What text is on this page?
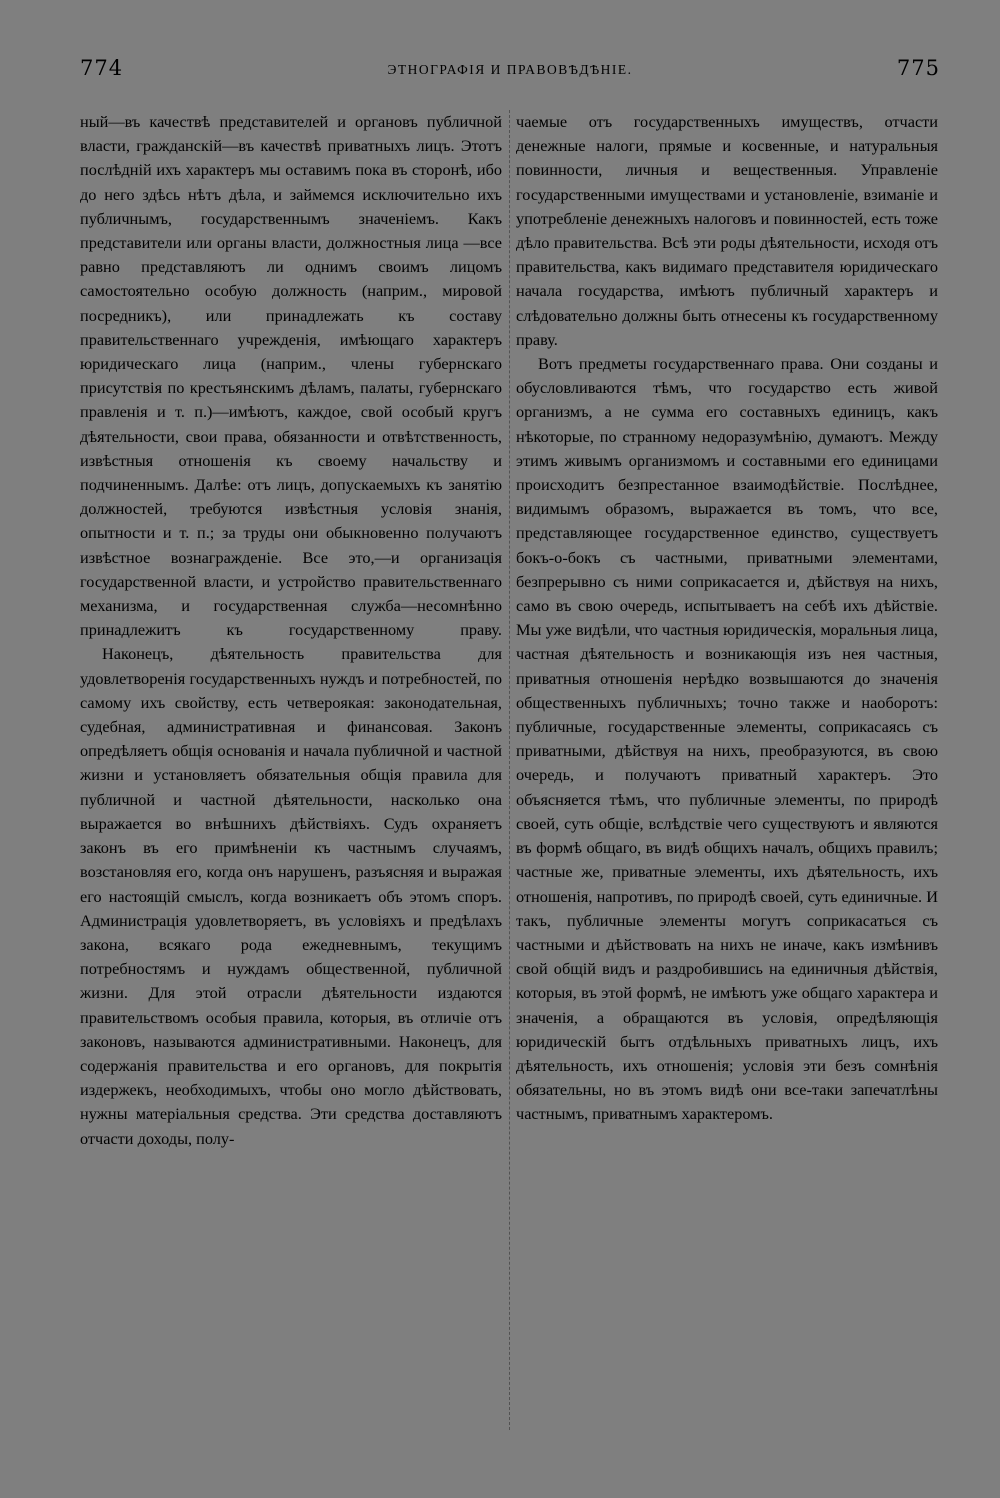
774	ЭТНОГРАФІЯ И ПРАВОВѢДѢНІЕ.	775

ный—въ качествѣ представителей и органовъ публичной власти, гражданскій—въ качествѣ приватныхъ лицъ. Этотъ послѣдній ихъ характеръ мы оставимъ пока въ сторонѣ, ибо до него здѣсь нѣтъ дѣла, и займемся исключительно ихъ публичнымъ, государственнымъ значеніемъ. Какъ представители или органы власти, должностныя лица —все равно представляютъ ли однимъ своимъ лицомъ самостоятельно особую должность (наприм., мировой посредникъ), или принадлежать къ составу правительственнаго учрежденія, имѣющаго характеръ юридическаго лица (наприм., члены губернскаго присутствія по крестьянскимъ дѣламъ, палаты, губернскаго правленія и т. п.)—имѣютъ, каждое, свой особый кругъ дѣятельности, свои права, обязанности и отвѣтственность, извѣстныя отношенія къ своему начальству и подчиненнымъ. Далѣе: отъ лицъ, допускаемыхъ къ занятію должностей, требуются извѣстныя условія знанія, опытности и т. п.; за труды они обыкновенно получаютъ извѣстное вознагражденіе. Все это,—и организація государственной власти, и устройство правительственнаго механизма, и государственная служба—несомнѣнно принадлежитъ къ государственному праву.

Наконецъ, дѣятельность правительства для удовлетворенія государственныхъ нуждъ и потребностей, по самому ихъ свойству, есть четверoякая: законодательная, судебная, административная и финансовая. Законъ опредѣляетъ общія основанія и начала публичной и частной жизни и установляетъ обязательныя общія правила для публичной и частной дѣятельности, насколько она выражается во внѣшнихъ дѣйствіяхъ. Судъ охраняетъ законъ въ его примѣненіи къ частнымъ случаямъ, возстановляя его, когда онъ нарушенъ, разъясняя и выражая его настоящій смыслъ, когда возникаетъ объ этомъ споръ. Администрація удовлетворяетъ, въ условіяхъ и предѣлахъ закона, всякаго рода ежедневнымъ, текущимъ потребностямъ и нуждамъ общественной, публичной жизни. Для этой отрасли дѣятельности издаются правительствомъ особыя правила, которыя, въ отличіе отъ законовъ, называются административными. Наконецъ, для содержанія правительства и его органовъ, для покрытія издержекъ, необходимыхъ, чтобы оно могло дѣйствовать, нужны матеріальныя средства. Эти средства доставляютъ отчасти доходы, полу-

чаемые отъ государственныхъ имуществъ, отчасти денежные налоги, прямые и косвенные, и натуральныя повинности, личныя и вещественныя. Управленіе государственными имуществами и установленіе, взиманіе и употребленіе денежныхъ налоговъ и повинностей, есть тоже дѣло правительства. Всѣ эти роды дѣятельности, исходя отъ правительства, какъ видимаго представителя юридическаго начала государства, имѣютъ публичный характеръ и слѣдовательно должны быть отнесены къ государственному праву.

Вотъ предметы государственнаго права. Они созданы и обусловливаются тѣмъ, что государство есть живой организмъ, а не сумма его составныхъ единицъ, какъ нѣкоторые, по странному недоразумѣнію, думаютъ. Между этимъ живымъ организмомъ и составными его единицами происходитъ безпрестанное взаимодѣйствіе. Послѣднее, видимымъ образомъ, выражается въ томъ, что все, представляющее государственное единство, существуетъ бокъ-о-бокъ съ частными, приватными элементами, безпрерывно съ ними соприкасается и, дѣйствуя на нихъ, само въ свою очередь, испытываетъ на себѣ ихъ дѣйствіе. Мы уже видѣли, что частныя юридическія, моральныя лица, частная дѣятельность и возникающія изъ нея частныя, приватныя отношенія нерѣдко возвышаются до значенія общественныхъ публичныхъ; точно также и наоборотъ: публичные, государственные элементы, соприкасаясь съ приватными, дѣйствуя на нихъ, преобразуются, въ свою очередь, и получаютъ приватный характеръ. Это объясняется тѣмъ, что публичные элементы, по природѣ своей, суть общіе, вслѣдствіе чего существуютъ и являются въ формѣ общаго, въ видѣ общихъ началъ, общихъ правилъ; частные же, приватные элементы, ихъ дѣятельность, ихъ отношенія, напротивъ, по природѣ своей, суть единичные. И такъ, публичные элементы могутъ соприкасаться съ частными и дѣйствовать на нихъ не иначе, какъ измѣнивъ свой общій видъ и раздробившись на единичныя дѣйствія, которыя, въ этой формѣ, не имѣютъ уже общаго характера и значенія, а обращаются въ условія, опредѣляющія юридическій бытъ отдѣльныхъ приватныхъ лицъ, ихъ дѣятельность, ихъ отношенія; условія эти безъ сомнѣнія обязательны, но въ этомъ видѣ они все-таки запечатлѣны частнымъ, приватнымъ характеромъ.
